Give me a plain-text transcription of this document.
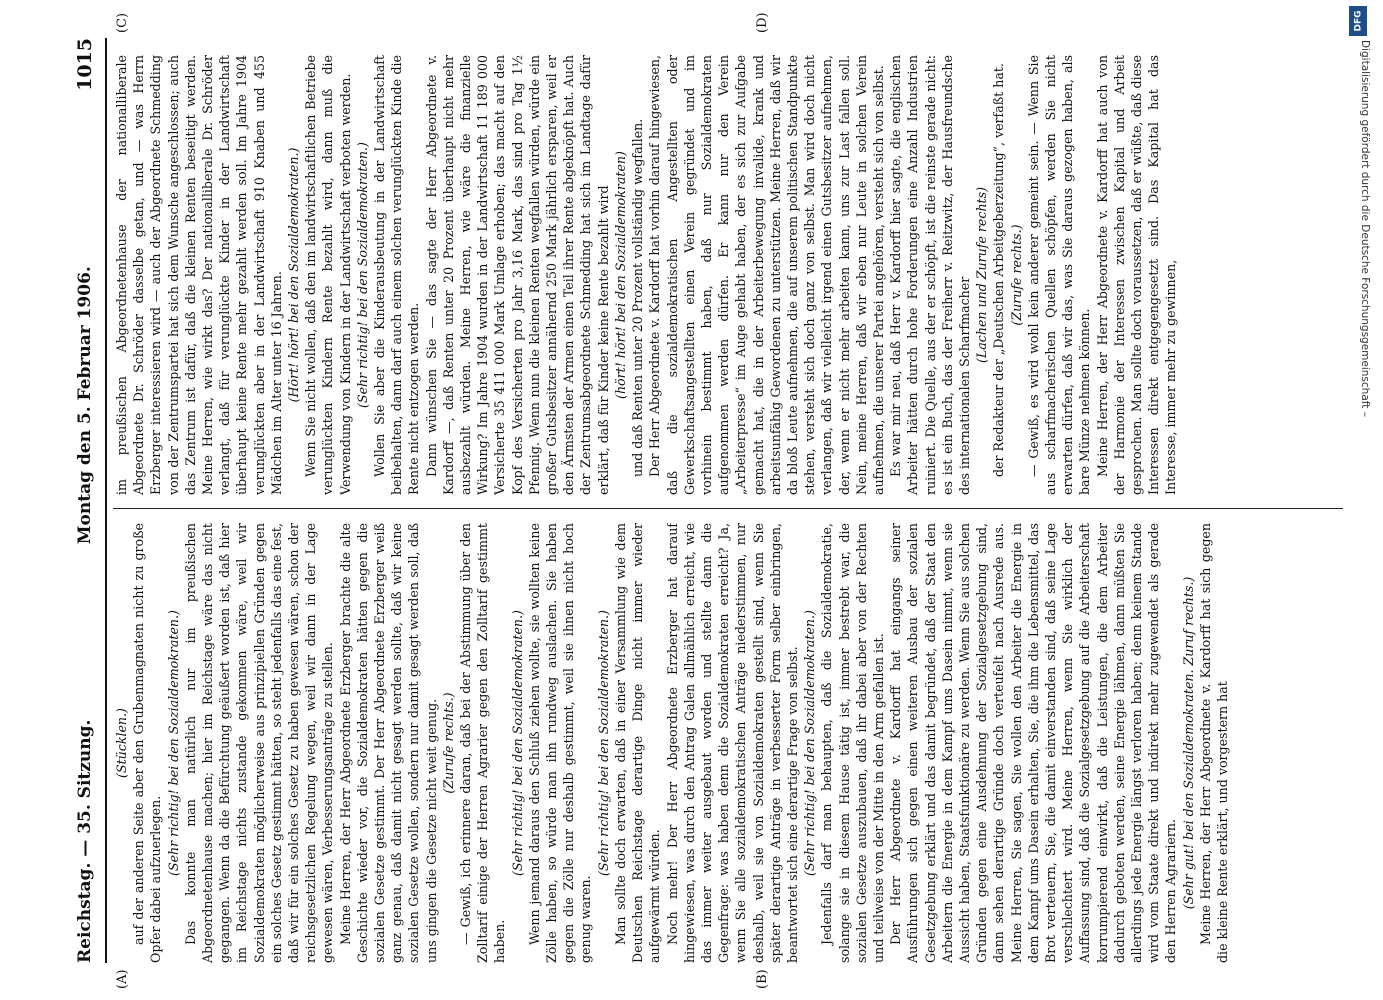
Reichstag. — 35. Sitzung.
Montag den 5. Februar 1906.
1015

(Stücklen.) auf der anderen Seite aber den Grubenmagnaten nicht zu große Opfer dabei aufzuerlegen.

(Sehr richtig! bei den Sozialdemokraten.) Das konnte man natürlich nur im preußischen Abgeordnetenhause machen; hier im Reichstage wäre das nicht gegangen. Wenn da die Befürchtung geäußert worden ist, daß hier im Reichstage nichts zustande gekommen wäre, weil wir Sozialdemokraten möglicherweise aus prinzipiellen Gründen gegen ein solches Gesetz gestimmt hätten, so steht jedenfalls das eine fest, daß wir für ein solches Gesetz zu haben gewesen wären, schon der reichsgesetzlichen Regelung wegen, weil wir dann in der Lage gewesen wären, Verbesserungsanträge zu stellen. Meine Herren, der Herr Abgeordnete Erzberger brachte die alte Geschichte wieder vor, die Sozialdemokraten hätten gegen die sozialen Gesetze gestimmt. Der Herr Abgeordnete Erzberger weiß ganz genau, daß damit nicht gesagt werden sollte, daß wir keine sozialen Gesetze wollen, sondern nur damit gesagt werden soll, daß uns gingen die Gesetze nicht weit genug. (Zurufe rechts.) — Gewiß, ich erinnere daran, daß bei der Abstimmung über den Zolltarif einige der Herren Agrarier gegen den Zolltarif gestimmt haben.

(Sehr richtig! bei den Sozialdemokraten.) Wenn jemand daraus den Schluß ziehen wollte, sie wollten keine Zölle haben, so würde man ihn rundweg auslachen. Sie haben gegen die Zölle nur deshalb gestimmt, weil sie ihnen nicht hoch genug waren.

(Sehr richtig! bei den Sozialdemokraten.) Man sollte doch erwarten, daß in einer Versammlung wie dem Deutschen Reichstage derartige Dinge nicht immer wieder aufgewärmt würden. Noch mehr! Der Herr Abgeordnete Erzberger hat darauf hingewiesen, was durch den Antrag Galen allmählich erreicht, wie das immer weiter ausgebaut worden und stellte dann die Gegenfrage: was haben denn die Sozialdemokraten erreicht? Ja, wenn Sie alle sozialdemokratischen Anträge niederstimmen, nur deshalb, weil sie von Sozialdemokraten gestellt sind, wenn Sie später derartige Anträge in verbesserter Form selber einbringen, beantwortet sich eine derartige Frage von selbst. (Sehr richtig! bei den Sozialdemokraten.) Jedenfalls darf man behaupten, daß die Sozialdemokratie, solange sie in diesem Hause tätig ist, immer bestrebt war, die sozialen Gesetze auszubauen, daß ihr dabei aber von der Rechten und teilweise von der Mitte in den Arm gefallen ist. Der Herr Abgeordnete v. Kardorff hat eingangs seiner Ausführungen sich gegen einen weiteren Ausbau der sozialen Gesetzgebung erklärt und das damit begründet, daß der Staat den Arbeitern die Energie in dem Kampf ums Dasein nimmt, wenn sie Aussicht haben, Staatsfunktionäre zu werden. Wenn Sie aus solchen Gründen gegen eine Ausdehnung der Sozialgesetzgebung sind, dann sehen derartige Gründe doch verteufelt nach Ausrede aus. Meine Herren, Sie sagen, Sie wollen den Arbeiter die Energie in dem Kampf ums Dasein erhalten, Sie, die ihm die Lebensmittel, das Brot verteuern, Sie, die damit einverstanden sind, daß seine Lage verschlechtert wird. Meine Herren, wenn Sie wirklich der Auffassung sind, daß die Sozialgesetzgebung auf die Arbeiterschaft korrumpierend einwirkt, daß die Leistungen, die dem Arbeiter dadurch geboten werden, seine Energie lähmen, dann müßten Sie allerdings jede Energie längst verloren haben; denn keinem Stande wird vom Staate direkt und indirekt mehr zugewendet als gerade den Herren Agrariern. (Sehr gut! bei den Sozialdemokraten. Zuruf rechts.) Meine Herren, der Herr Abgeordnete v. Kardorff hat sich gegen die kleine Rente erklärt, und vorgestern hat

im preußischen Abgeordnetenhause der nationalliberale Abgeordnete Dr. Schröder dasselbe getan, und — was Herrn Erzberger interessieren wird — auch der Abgeordnete Schmedding von der Zentrumspartei hat sich dem Wunsche angeschlossen; auch das Zentrum ist dafür, daß die kleinen Renten beseitigt werden. Meine Herren, wie wirkt das? Der nationalliberale Dr. Schröder verlangt, daß für verunglückte Kinder in der Landwirtschaft überhaupt keine Rente mehr gezahlt werden soll. Im Jahre 1904 verunglückten aber in der Landwirtschaft 910 Knaben und 455 Mädchen im Alter unter 16 Jahren. (Hört! hört! bei den Sozialdemokraten.) Wenn Sie nicht wollen, daß den im landwirtschaftlichen Betriebe verunglückten Kindern Rente bezahlt wird, dann muß die Verwendung von Kindern in der Landwirtschaft verboten werden. (Sehr richtig! bei den Sozialdemokraten.) Wollen Sie aber die Kinderausbeutung in der Landwirtschaft beibehalten, dann darf auch einem solchen verunglückten Kinde die Rente nicht entzogen werden. Dann wünschen Sie — das sagte der Herr Abgeordnete v. Kardorff —, daß Renten unter 20 Prozent überhaupt nicht mehr ausbezahlt würden. Meine Herren, wie wäre die finanzielle Wirkung? Im Jahre 1904 wurden in der Landwirtschaft 11 189 000 Versicherte 35 411 000 Mark Umlage erhoben; das macht auf den Kopf des Versicherten pro Jahr 3,16 Mark, das sind pro Tag 1½ Pfennig. Wenn nun die kleinen Renten wegfallen würden, würde ein großer Gutsbesitzer annähernd 250 Mark jährlich ersparen, weil er den Ärmsten der Armen einen Teil ihrer Rente abgeknöpft hat. Auch der Zentrumsabgeordnete Schmedding hat sich im Landtage dafür erklärt, daß für Kinder keine Rente bezahlt wird (hört! hört! bei den Sozialdemokraten) und daß Renten unter 20 Prozent vollständig wegfallen. Der Herr Abgeordnete v. Kardorff hat vorhin darauf hingewiesen, daß die sozialdemokratischen Angestellten oder Gewerkschaftsangestellten einen Verein gegründet und im vorhinein bestimmt haben, daß nur Sozialdemokraten aufgenommen werden dürfen. Er kann nur den Verein „Arbeiterpresse“ im Auge gehabt haben, der es sich zur Aufgabe gemacht hat, die in der Arbeiterbewegung invalide, krank und arbeitsunfähig Gewordenen zu unterstützen. Meine Herren, daß wir da bloß Leute aufnehmen, die auf unserem politischen Standpunkte stehen, versteht sich doch ganz von selbst. Man wird doch nicht verlangen, daß wir vielleicht irgend einen Gutsbesitzer aufnehmen, der, wenn er nicht mehr arbeiten kann, uns zur Last fallen soll. Nein, meine Herren, daß wir eben nur Leute in solchen Verein aufnehmen, die unserer Partei angehören, versteht sich von selbst. Es war mir neu, daß Herr v. Kardorff hier sagte, die englischen Arbeiter hätten durch hohe Forderungen eine Anzahl Industrien ruiniert. Die Quelle, aus der er schöpft, ist die reinste gerade nicht: es ist ein Buch, das der Freiherr v. Reitzwitz, der Hausfreundsche des internationalen Scharfmacher

(Lachen und Zurufe rechts) der Redakteur der „Deutschen Arbeitgeberzeitung“, verfaßt hat. (Zurufe rechts.) — Gewiß, es wird wohl kein anderer gemeint sein. — Wenn Sie aus scharfmacherischen Quellen schöpfen, werden Sie nicht erwarten dürfen, daß wir das, was Sie daraus gezogen haben, als bare Münze nehmen können. Meine Herren, der Herr Abgeordnete v. Kardorff hat auch von der Harmonie der Interessen zwischen Kapital und Arbeit gesprochen. Man sollte doch voraussetzen, daß er wüßte, daß diese Interessen direkt entgegengesetzt sind. Das Kapital hat das Interesse, immer mehr zu gewinnen,

(A)	(B)
(C)	(D)	DFG
Digitalisierung gefördert durch die Deutsche Forschungsgemeinschaft –
